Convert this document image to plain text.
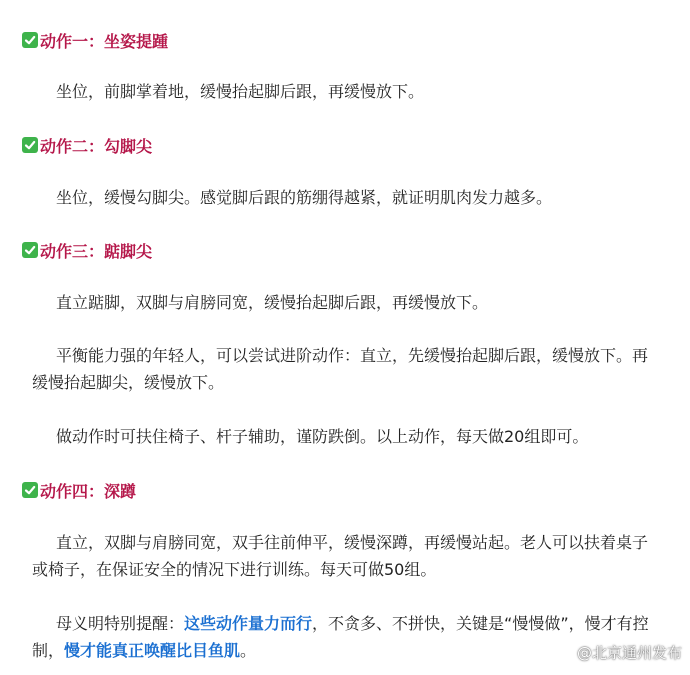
动作一：坐姿提踵

坐位，前脚掌着地，缓慢抬起脚后跟，再缓慢放下。

动作二：勾脚尖

坐位，缓慢勾脚尖。感觉脚后跟的筋绷得越紧，就证明肌肉发力越多。

动作三：踮脚尖

直立踮脚，双脚与肩膀同宽，缓慢抬起脚后跟，再缓慢放下。

平衡能力强的年轻人，可以尝试进阶动作：直立，先缓慢抬起脚后跟，缓慢放下。再缓慢抬起脚尖，缓慢放下。

做动作时可扶住椅子、杆子辅助，谨防跌倒。以上动作，每天做20组即可。

动作四：深蹲

直立，双脚与肩膀同宽，双手往前伸平，缓慢深蹲，再缓慢站起。老人可以扶着桌子或椅子，在保证安全的情况下进行训练。每天可做50组。

母义明特别提醒：这些动作量力而行，不贪多、不拼快，关键是“慢慢做”，慢才有控制，慢才能真正唤醒比目鱼肌。	@北京通州发布
